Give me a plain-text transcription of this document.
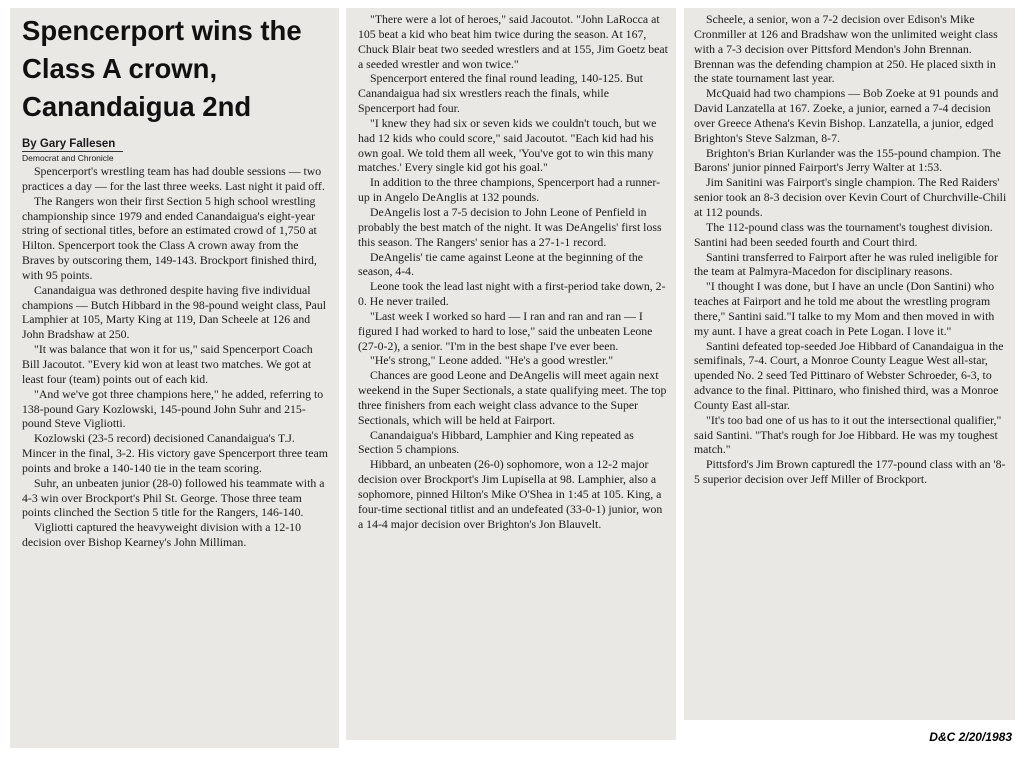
Spencerport wins the Class A crown, Canandaigua 2nd
By Gary Fallesen
Democrat and Chronicle

Spencerport's wrestling team has had double sessions — two practices a day — for the last three weeks. Last night it paid off.

The Rangers won their first Section 5 high school wrestling championship since 1979 and ended Canandaigua's eight-year string of sectional titles, before an estimated crowd of 1,750 at Hilton. Spencerport took the Class A crown away from the Braves by outscoring them, 149-143. Brockport finished third, with 95 points.

Canandaigua was dethroned despite having five individual champions — Butch Hibbard in the 98-pound weight class, Paul Lamphier at 105, Marty King at 119, Dan Scheele at 126 and John Bradshaw at 250.

"It was balance that won it for us," said Spencerport Coach Bill Jacoutot. "Every kid won at least two matches. We got at least four (team) points out of each kid.

"And we've got three champions here," he added, referring to 138-pound Gary Kozlowski, 145-pound John Suhr and 215-pound Steve Vigliotti.

Kozlowski (23-5 record) decisioned Canandaigua's T.J. Mincer in the final, 3-2. His victory gave Spencerport three team points and broke a 140-140 tie in the team scoring.

Suhr, an unbeaten junior (28-0) followed his teammate with a 4-3 win over Brockport's Phil St. George. Those three team points clinched the Section 5 title for the Rangers, 146-140.

Vigliotti captured the heavyweight division with a 12-10 decision over Bishop Kearney's John Milliman.

"There were a lot of heroes," said Jacoutot. "John LaRocca at 105 beat a kid who beat him twice during the season. At 167, Chuck Blair beat two seeded wrestlers and at 155, Jim Goetz beat a seeded wrestler and won twice."

Spencerport entered the final round leading, 140-125. But Canandaigua had six wrestlers reach the finals, while Spencerport had four.

"I knew they had six or seven kids we couldn't touch, but we had 12 kids who could score," said Jacoutot. "Each kid had his own goal. We told them all week, 'You've got to win this many matches.' Every single kid got his goal."

In addition to the three champions, Spencerport had a runner-up in Angelo DeAnglis at 132 pounds.

DeAngelis lost a 7-5 decision to John Leone of Penfield in probably the best match of the night. It was DeAngelis' first loss this season. The Rangers' senior has a 27-1-1 record.

DeAngelis' tie came against Leone at the beginning of the season, 4-4.

Leone took the lead last night with a first-period take down, 2-0. He never trailed.

"Last week I worked so hard — I ran and ran and ran — I figured I had worked to hard to lose," said the unbeaten Leone (27-0-2), a senior. "I'm in the best shape I've ever been.

"He's strong," Leone added. "He's a good wrestler."

Chances are good Leone and DeAngelis will meet again next weekend in the Super Sectionals, a state qualifying meet. The top three finishers from each weight class advance to the Super Sectionals, which will be held at Fairport.

Canandaigua's Hibbard, Lamphier and King repeated as Section 5 champions.

Hibbard, an unbeaten (26-0) sophomore, won a 12-2 major decision over Brockport's Jim Lupisella at 98. Lamphier, also a sophomore, pinned Hilton's Mike O'Shea in 1:45 at 105. King, a four-time sectional titlist and an undefeated (33-0-1) junior, won a 14-4 major decision over Brighton's Jon Blauvelt.

Scheele, a senior, won a 7-2 decision over Edison's Mike Cronmiller at 126 and Bradshaw won the unlimited weight class with a 7-3 decision over Pittsford Mendon's John Brennan. Brennan was the defending champion at 250. He placed sixth in the state tournament last year.

McQuaid had two champions — Bob Zoeke at 91 pounds and David Lanzatella at 167. Zoeke, a junior, earned a 7-4 decision over Greece Athena's Kevin Bishop. Lanzatella, a junior, edged Brighton's Steve Salzman, 8-7.

Brighton's Brian Kurlander was the 155-pound champion. The Barons' junior pinned Fairport's Jerry Walter at 1:53.

Jim Sanitini was Fairport's single champion. The Red Raiders' senior took an 8-3 decision over Kevin Court of Churchville-Chili at 112 pounds.

The 112-pound class was the tournament's toughest division. Santini had been seeded fourth and Court third.

Santini transferred to Fairport after he was ruled ineligible for the team at Palmyra-Macedon for disciplinary reasons.

"I thought I was done, but I have an uncle (Don Santini) who teaches at Fairport and he told me about the wrestling program there," Santini said."I talke to my Mom and then moved in with my aunt. I have a great coach in Pete Logan. I love it."

Santini defeated top-seeded Joe Hibbard of Canandaigua in the semifinals, 7-4. Court, a Monroe County League West all-star, upended No. 2 seed Ted Pittinaro of Webster Schroeder, 6-3, to advance to the final. Pittinaro, who finished third, was a Monroe County East all-star.

"It's too bad one of us has to it out the intersectional qualifier," said Santini. "That's rough for Joe Hibbard. He was my toughest match."

Pittsford's Jim Brown capturedl the 177-pound class with an '8-5 superior decision over Jeff Miller of Brockport.

D&C 2/20/1983
